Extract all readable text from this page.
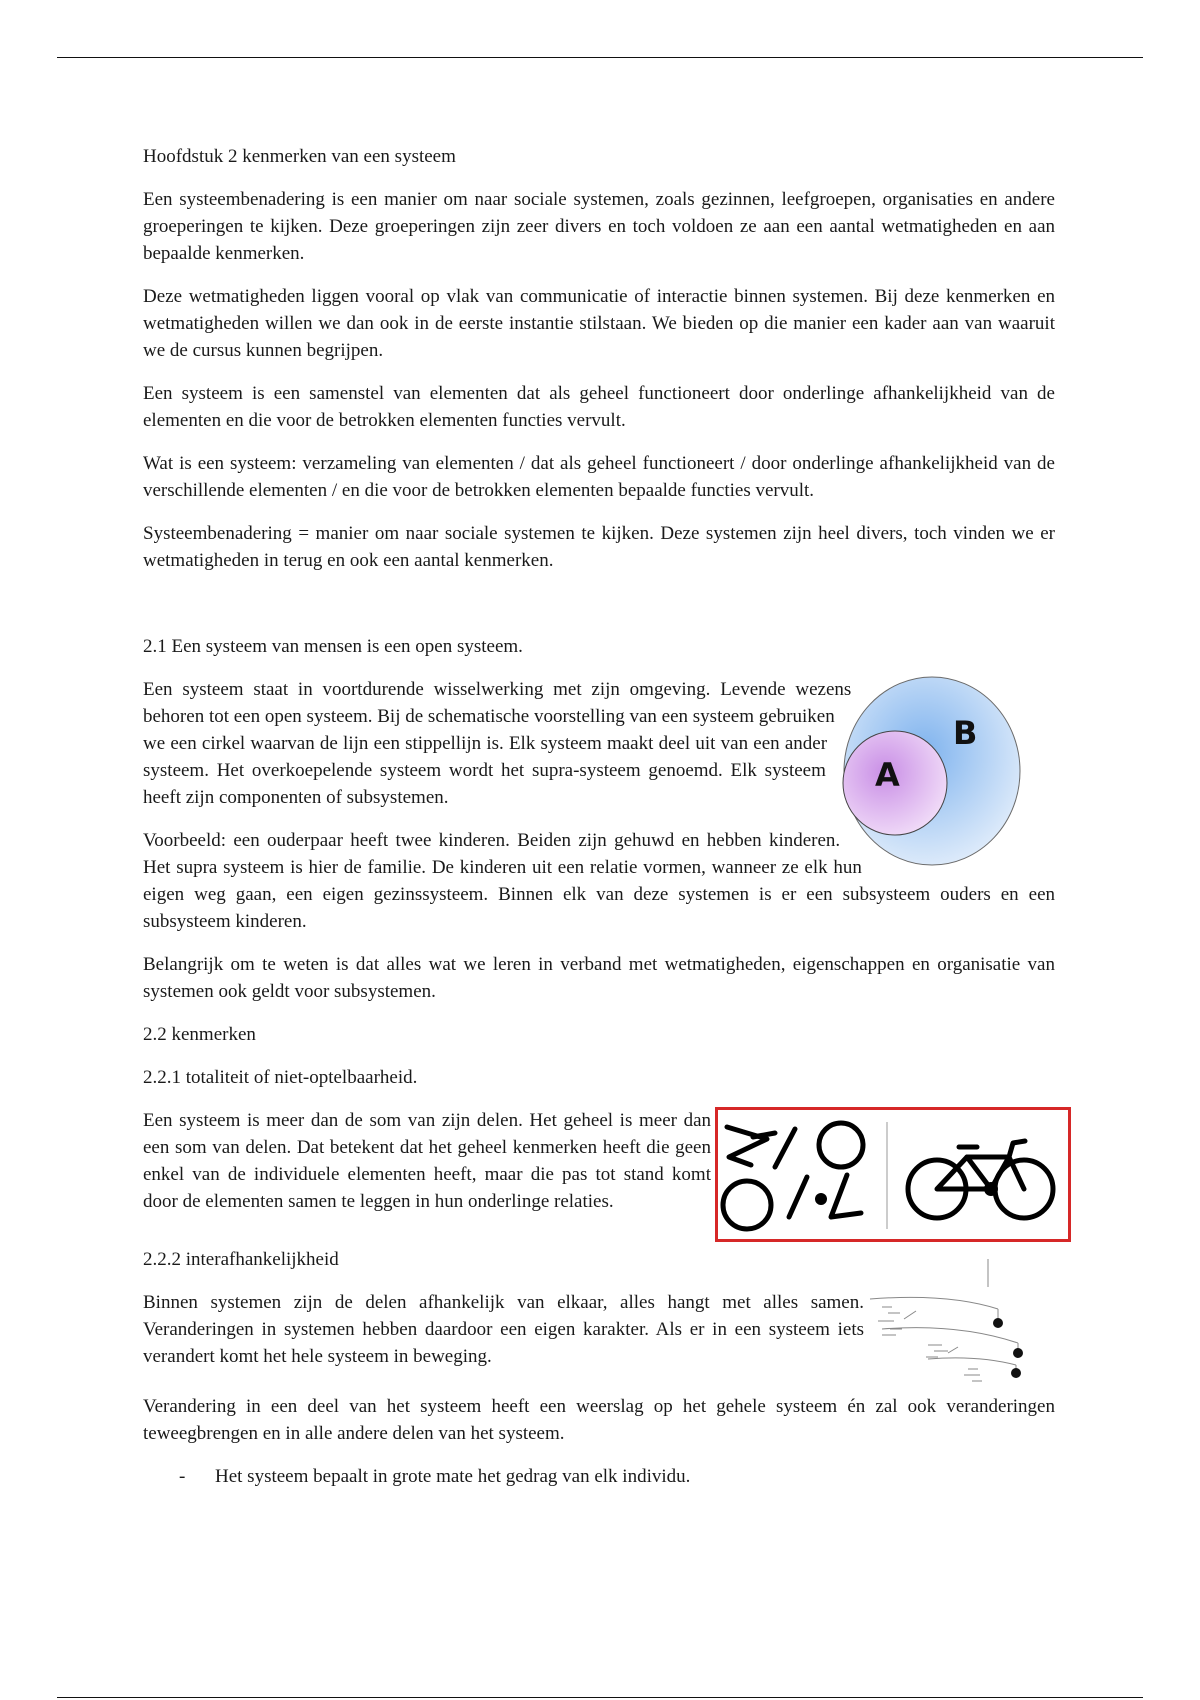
Hoofdstuk 2 kenmerken van een systeem

Een systeembenadering is een manier om naar sociale systemen, zoals gezinnen, leefgroepen, organisaties en andere groeperingen te kijken. Deze groeperingen zijn zeer divers en toch voldoen ze aan een aantal wetmatigheden en aan bepaalde kenmerken.

Deze wetmatigheden liggen vooral op vlak van communicatie of interactie binnen systemen. Bij deze kenmerken en wetmatigheden willen we dan ook in de eerste instantie stilstaan. We bieden op die manier een kader aan van waaruit we de cursus kunnen begrijpen.

Een systeem is een samenstel van elementen dat als geheel functioneert door onderlinge afhankelijkheid van de elementen en die voor de betrokken elementen functies vervult.

Wat is een systeem: verzameling van elementen / dat als geheel functioneert / door onderlinge afhankelijkheid van de verschillende elementen / en die voor de betrokken elementen bepaalde functies vervult.

Systeembenadering = manier om naar sociale systemen te kijken. Deze systemen zijn heel divers, toch vinden we er wetmatigheden in terug en ook een aantal kenmerken.

2.1 Een systeem van mensen is een open systeem.

B
A

Een systeem staat in voortdurende wisselwerking met zijn omgeving. Levende wezens behoren tot een open systeem. Bij de schematische voorstelling van een systeem gebruiken we een cirkel waarvan de lijn een stippellijn is. Elk systeem maakt deel uit van een ander systeem. Het overkoepelende systeem wordt het supra-systeem genoemd. Elk systeem heeft zijn componenten of subsystemen.

Voorbeeld: een ouderpaar heeft twee kinderen. Beiden zijn gehuwd en hebben kinderen. Het supra systeem is hier de familie. De kinderen uit een relatie vormen, wanneer ze elk hun eigen weg gaan, een eigen gezinssysteem. Binnen elk van deze systemen is er een subsysteem ouders en een subsysteem kinderen.

Belangrijk om te weten is dat alles wat we leren in verband met wetmatigheden, eigenschappen en organisatie van systemen ook geldt voor subsystemen.

2.2 kenmerken

2.2.1 totaliteit of niet-optelbaarheid.

Een systeem is meer dan de som van zijn delen. Het geheel is meer dan een som van delen. Dat betekent dat het geheel kenmerken heeft die geen enkel van de individuele elementen heeft, maar die pas tot stand komt door de elementen samen te leggen in hun onderlinge relaties.

2.2.2 interafhankelijkheid

Binnen systemen zijn de delen afhankelijk van elkaar, alles hangt met alles samen. Veranderingen in systemen hebben daardoor een eigen karakter. Als er in een systeem iets verandert komt het hele systeem in beweging.

Verandering in een deel van het systeem heeft een weerslag op het gehele systeem én zal ook veranderingen teweegbrengen en in alle andere delen van het systeem.

- Het systeem bepaalt in grote mate het gedrag van elk individu.
